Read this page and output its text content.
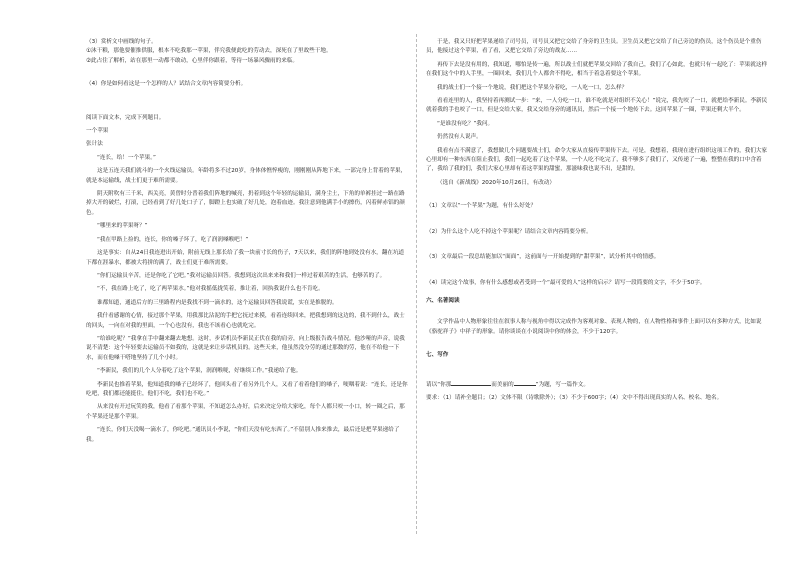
（3）赏析文中画线的句子。

①沐干粮，那他要催推供服，根本不吃我那一苹果，伴究我便此吃的劳动去，深死在了里故些干地。

②此占住了解析，站在那里一动都不敢动，心里伴你跟着，等待一场暴风骤雨的来临。

（4）你是如何看这是一个怎样的人？试结合文章内容简要分析。

阅读下面文本，完成下列题目。

一个苹果

张计法

“连长，给！一个苹果。”

这是五连天我们就斗的一个火线运输员。年龄将多不过20岁，身体体憔悴瘦的，刚刚刚从阵地下来，一部完身上背着的苹果，就是本运输线，战士们更于难所需要。

阴天附吹有三千米，西关亮，黄曾时分普着我们阵地的喊亮，扔着到这个年轻的运输员，满身尘土，下角的单裤挂过一路在路掉大开的破烂，打滚，已经看到了好几处口子了，脚蹬上也实破了好几处，泡着血迹。我注意到他满手小的擦伤，闪着鲜赤铝的颜色。

“哪里来的苹果呀？”

“我在甲路上捡的，连长，你的嗓子坏了，吃了润润嗓喉吧！”

这是事实：自从24日我连进出开始，附前无线上那长给了我一块前寸长的伤子，7天以来，我们的阵地到处没有水，翻在坑道下都在涯暴水，都被大将拼的满了，战士们更于难所需要。

“你们运输员辛苦，还是你吃了它吧。”我对运输员回答。我想到这次出来来和我们一样过着艰苦的生活，也够苦的了。

“不，我在路上吃了，吃了两苹果水。”他对我摇低拢笑着，推让着，回执我说什么也不肯吃。

谁都知道，通道后方的三里路程内是我找不到一滴水的，这个运输员回答我说谎，实在是推脱的。

我什看感谢的心情，接过那个苹果，用我那比沾泥的手把它抚过来摸，看着连续回来，把我想到的这边的，我不到什么，战士的回头，一向在对我的里面，一个心也没有，我也不该看心也就吃完。

“给谁吃呢？”我拿在手中翻来翻去地想。这时，步话机员李新民正伏在我的肩旁，向上级报告战斗情况。他沙哑的声音，说我说不清楚：这个年轻要去运输员不如我的，这就是来让步话机员的。这些天来，他虽然没分劳的通过那数的劳，他在不给他一下水，而在他嗓干嗒地坚持了几个小时。

“李新民，我们的几个人分着吃了这个苹果，润润喉咙，好继续工作。”我递给了他。

李新民也推着苹果，他知道我的嗓子已经坏了，他回头看了看另外几个人，又看了看着他们的嗓子，哽咽着说：“连长，还是你吃吧，我们都还能挺住，他们不吃，我们也不吃。”

从来没有开过玩笑的我，他看了看那个苹果，不知道怎么办好，后来决定分给大家吃，每个人都只咬一小口，转一圈之后，那个苹果还是那个苹果。

“连长，你们天没喝一滴水了，你吃吧。”通讯员小李说，“你们天没有吃东西了。”不留别人推来推去，最后还是把苹果递给了我。

于是，我又只好把苹果递给了司号员，司号员又把它交给了身旁的卫生员。卫生员又把它交给了自己旁边的伤员，这个伤员是个重伤员，他接过这个苹果，看了看，又把它交给了旁边的战友……

再传下去是没有用的，我知道，哪怕是传一遍，所以战士们就把苹果交回给了我自己，我们了心如此，也就只有一起吃了：苹果就这样在我们这个中的人手里，一圈回来，我们几个人都舍不得吃，相当于着急着要这个苹果。

我的战士们一个接一个地说，我们把这个苹果分着吃，一人吃一口，怎么样？

看看连里的人，我坚持着再测试一步：“来，一人分吃一口，谁不吃就是对组织不关心！”说完，我先咬了一口，就把给李新民。李新民就着我的手也咬了一口，但是交给大家，我又交给身旁的通讯员，然后一个接一个地传下去。这回苹果了一圈，苹果还剩大半个。

“是谁没有吃？”我问。

仍然没有人说声。

我看有点不满意了，我想做几个问题要战士们，命令大家从直接传苹果传下去。可是，我想着，我现在进行组织这项工作的，我们大家心里却有一种东西在阻止我们，我们一起吃着了这个苹果，一个人吃不吃完了，我不够多了我们了，又传递了一遍，整整在我的口中含着了，我给了我的们，我们大家心里却有着这苹果的甜蜜，那滋味我也说不出，是甜的。

（选自《新战线》2020年10月26日，有改动）

（1）文章以“一个苹果”为题，有什么好处？

（2）为什么这个人吃不掉这个苹果呢？请结合文章内容简要分析。

（3）文章最后一段总结能加以“面面”，这前面与一开始提到的“甜苹果”，试分析其中的情感。

（4）读完这个故事，你有什么感想或者受到一个“最可爱的人”这样的启示？请写一段简要的文字，不少于50字。

六、名著阅读

文学作品中人物形象往往在叙事人称与视角中得以完成作为客观对象、表现人物的，在人物性格和事件上面可以有多种方式，比如说《骆驼祥子》中祥子的形象。请你谈谈在小说阅读中你的体会，不少于120字。

七、写作

请以“你那	而美丽的	”为题，写一篇作文。

要求：（1）请补全题目；（2）文体不限（诗歌除外）；（3）不少于600字；（4）文中不得出现真实的人名、校名、地名。
